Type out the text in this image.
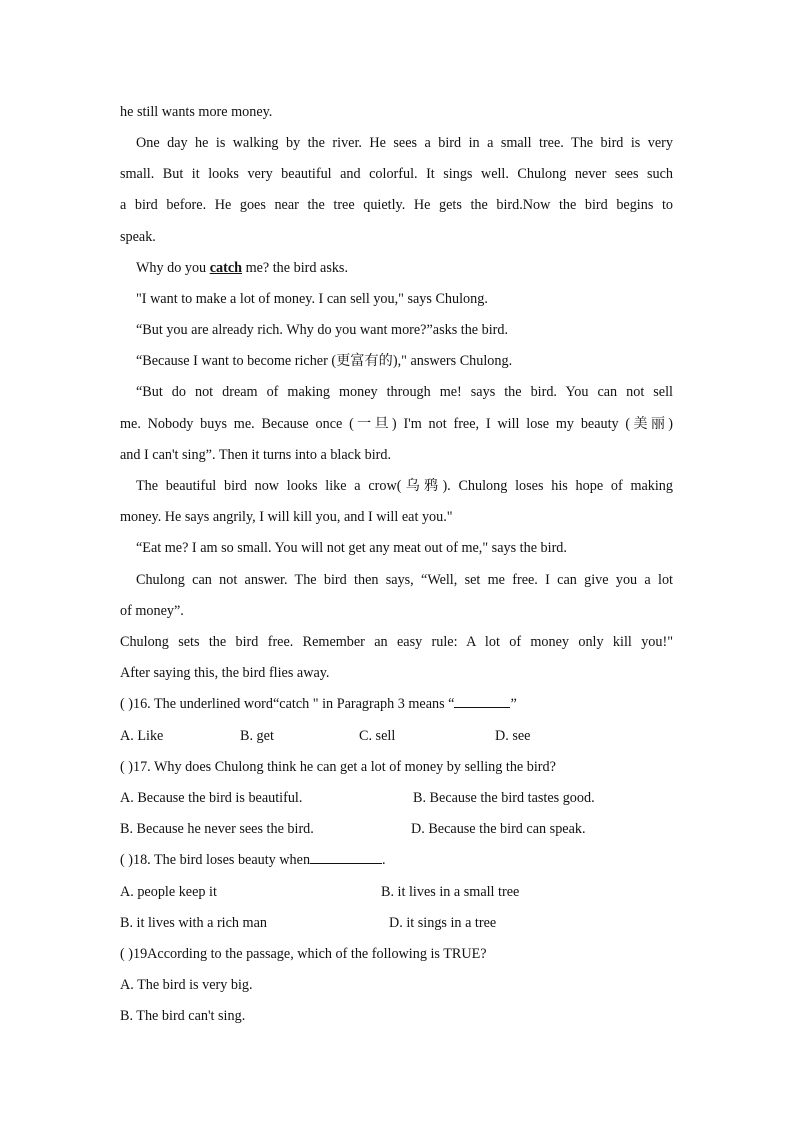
he still wants more money.
One day he is walking by the river. He sees a bird in a small tree. The bird is very
small. But it looks very beautiful and colorful. It sings well. Chulong never sees such
a bird before. He goes near the tree quietly. He gets the bird.Now the bird begins to
speak.
Why do you catch me? the bird asks.
"I want to make a lot of money. I can sell you," says Chulong.
“But you are already rich. Why do you want more?”asks the bird.
“Because I want to become richer (更富有的)," answers Chulong.
“But do not dream of making money through me! says the bird. You can not sell
me. Nobody buys me. Because once (一旦) I'm not free, I will lose my beauty (美丽)
and I can't sing”. Then it turns into a black bird.
The beautiful bird now looks like a crow(乌鸦). Chulong loses his hope of making
money. He says angrily, I will kill you, and I will eat you."
“Eat me? I am so small. You will not get any meat out of me," says the bird.
Chulong can not answer. The bird then says, “Well, set me free. I can give you a lot
of money”.
Chulong sets the bird free. Remember an easy rule: A lot of money only kill you!"
After saying this, the bird flies away.
( )16. The underlined word“catch " in Paragraph 3 means “	”
A. Like	B. get	C. sell	D. see
( )17. Why does Chulong think he can get a lot of money by selling the bird?
A. Because the bird is beautiful.	B. Because the bird tastes good.
B. Because he never sees the bird.	D. Because the bird can speak.
( )18. The bird loses beauty when	.
A. people keep it	B. it lives in a small tree
B. it lives with a rich man	D. it sings in a tree
( )19According to the passage, which of the following is TRUE?
A. The bird is very big.
B. The bird can't sing.
